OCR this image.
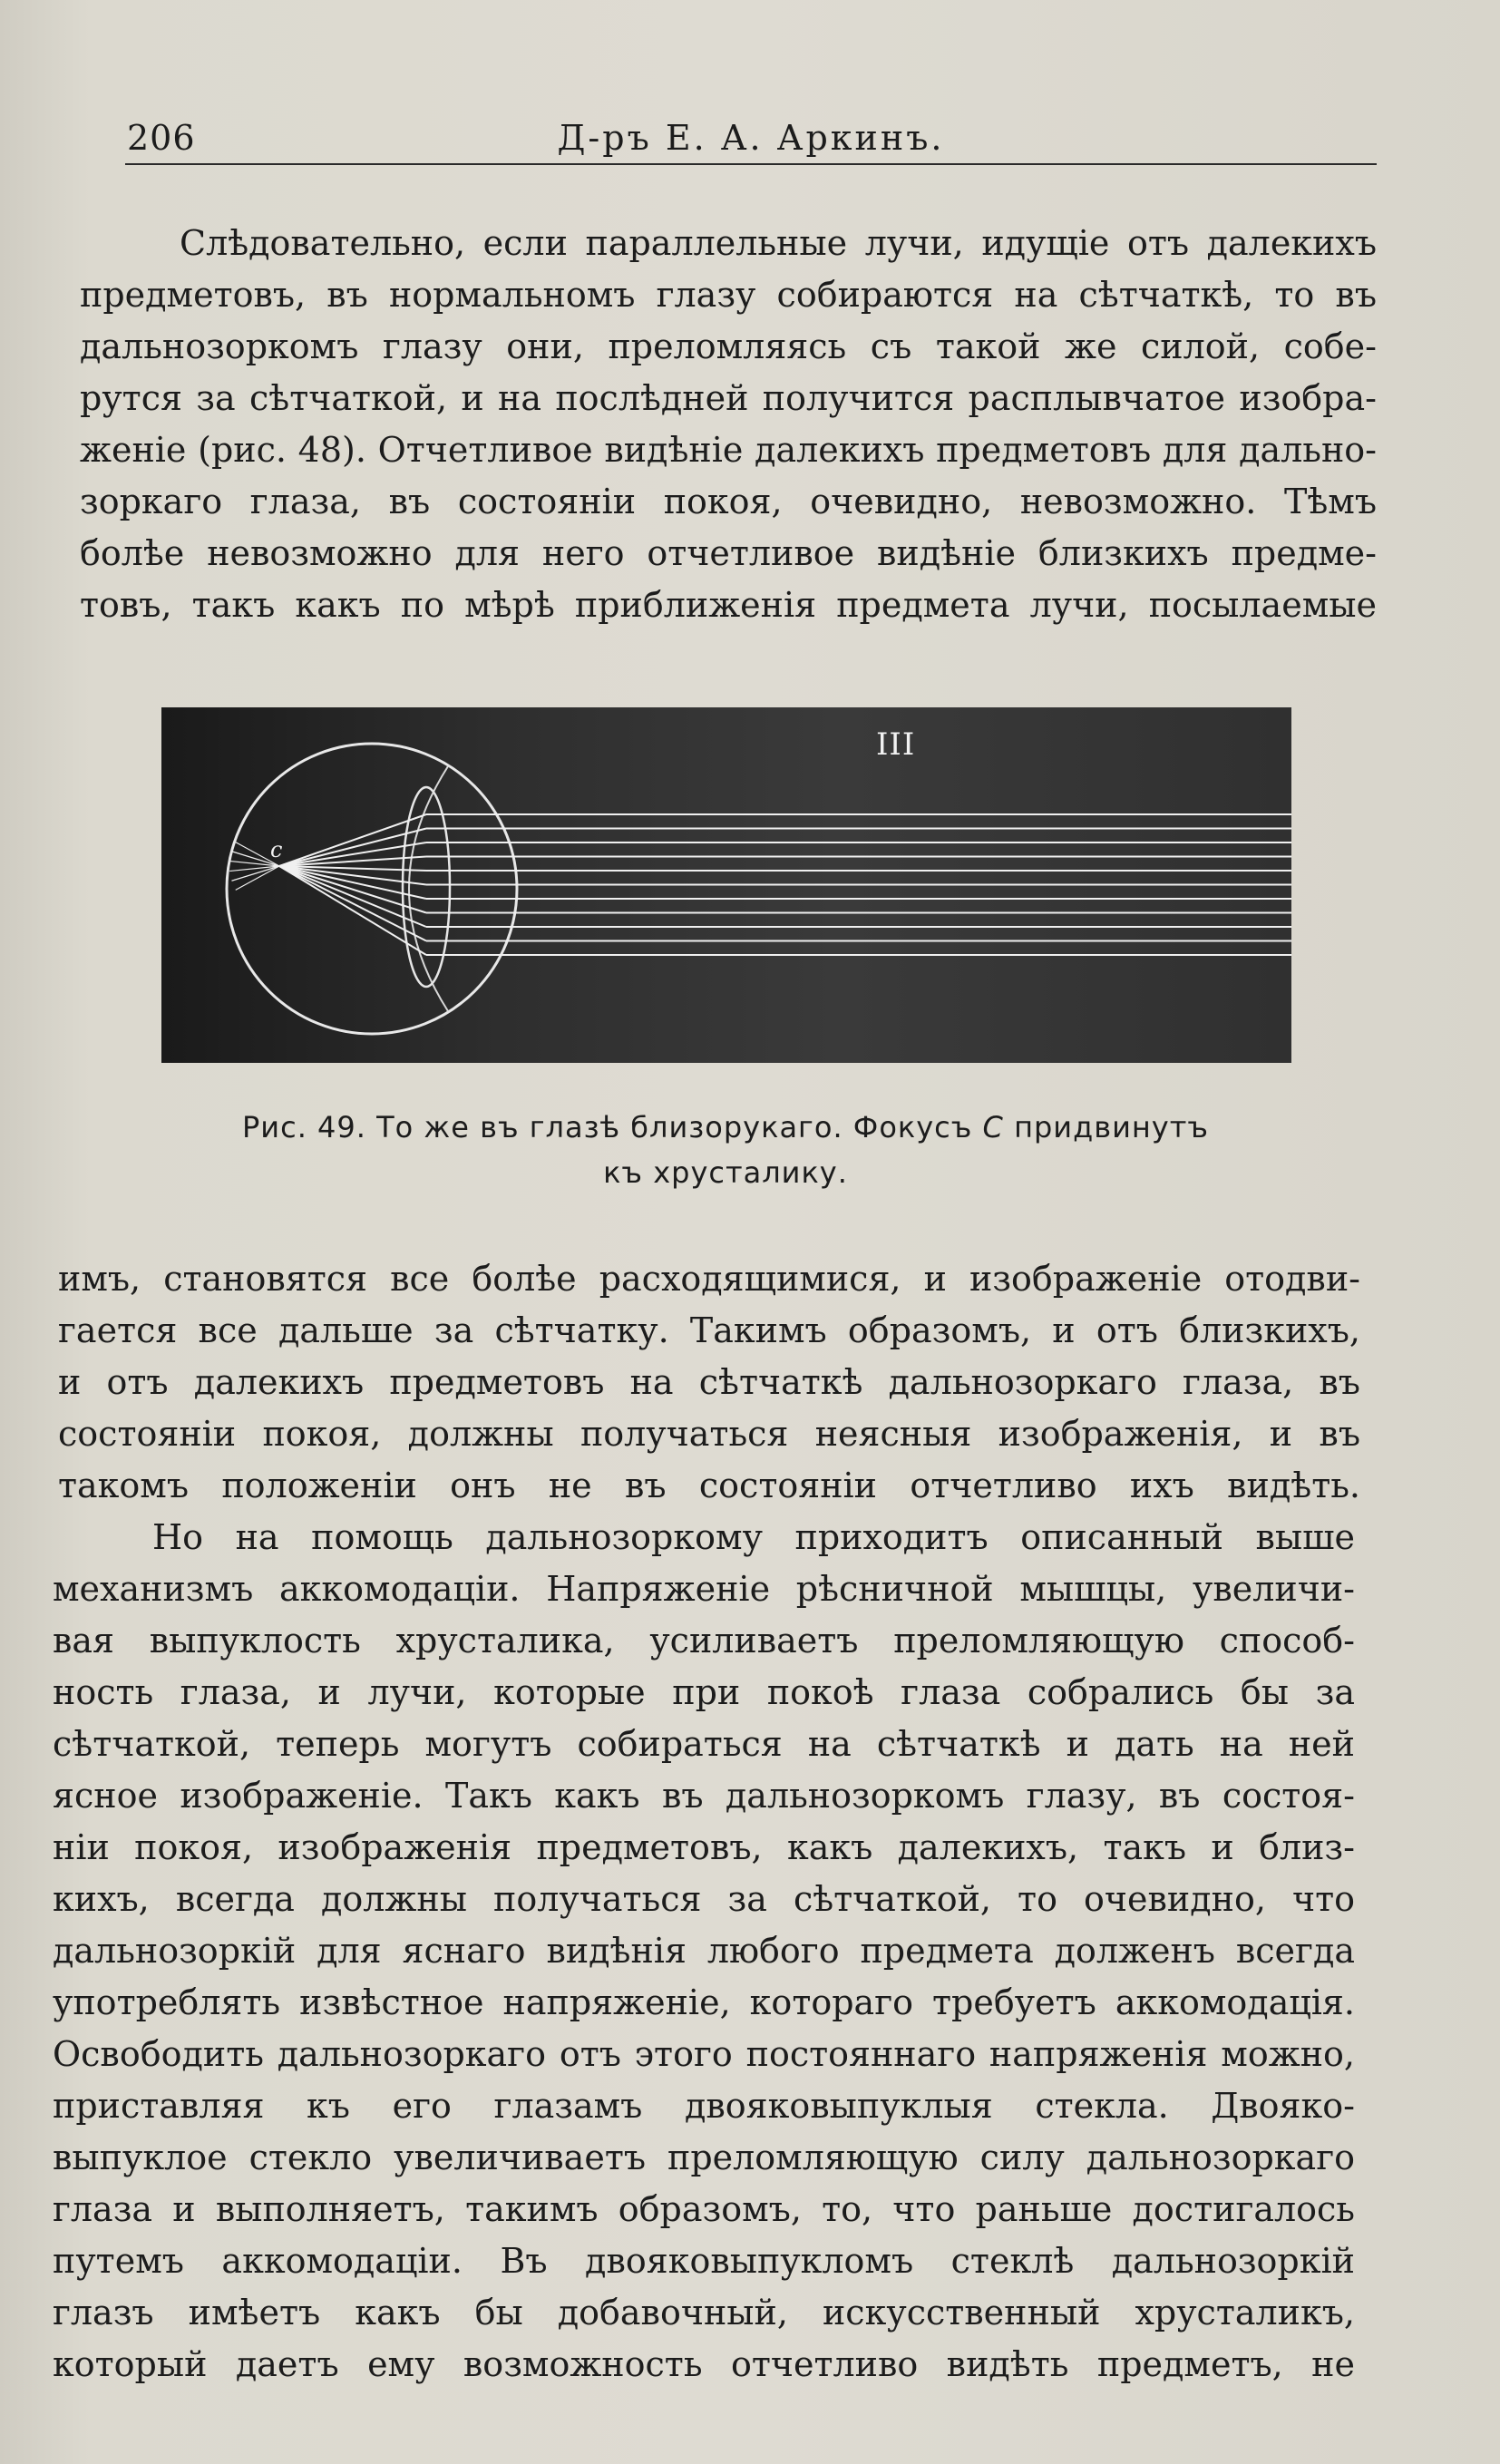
206	Д-ръ Е. А. Аркинъ.
Слѣдовательно, если параллельные лучи, идущіе отъ далекихъ
предметовъ, въ нормальномъ глазу собираются на сѣтчаткѣ, то въ
дальнозоркомъ глазу они, преломляясь съ такой же силой, собе-
рутся за сѣтчаткой, и на послѣдней получится расплывчатое изобра-
женіе (рис. 48). Отчетливое видѣніе далекихъ предметовъ для дально-
зоркаго глаза, въ состояніи покоя, очевидно, невозможно. Тѣмъ
болѣе невозможно для него отчетливое видѣніе близкихъ предме-
товъ, такъ какъ по мѣрѣ приближенія предмета лучи, посылаемые
c
III
Рис. 49. То же въ глазѣ близорукаго. Фокусъ С придвинутъ
къ хрусталику.
имъ, становятся все болѣе расходящимися, и изображеніе отодви-
гается все дальше за сѣтчатку. Такимъ образомъ, и отъ близкихъ,
и отъ далекихъ предметовъ на сѣтчаткѣ дальнозоркаго глаза, въ
состояніи покоя, должны получаться неясныя изображенія, и въ
такомъ положеніи онъ не въ состояніи отчетливо ихъ видѣть.
Но на помощь дальнозоркому приходитъ описанный выше
механизмъ аккомодаціи. Напряженіе рѣсничной мышцы, увеличи-
вая выпуклость хрусталика, усиливаетъ преломляющую способ-
ность глаза, и лучи, которые при покоѣ глаза собрались бы за
сѣтчаткой, теперь могутъ собираться на сѣтчаткѣ и дать на ней
ясное изображеніе. Такъ какъ въ дальнозоркомъ глазу, въ состоя-
ніи покоя, изображенія предметовъ, какъ далекихъ, такъ и близ-
кихъ, всегда должны получаться за сѣтчаткой, то очевидно, что
дальнозоркій для яснаго видѣнія любого предмета долженъ всегда
употреблять извѣстное напряженіе, котораго требуетъ аккомодація.
Освободить дальнозоркаго отъ этого постояннаго напряженія можно,
приставляя къ его глазамъ двояковыпуклыя стекла. Двояко-
выпуклое стекло увеличиваетъ преломляющую силу дальнозоркаго
глаза и выполняетъ, такимъ образомъ, то, что раньше достигалось
путемъ аккомодаціи. Въ двояковыпукломъ стеклѣ дальнозоркій
глазъ имѣетъ какъ бы добавочный, искусственный хрусталикъ,
который даетъ ему возможность отчетливо видѣть предметъ, не
